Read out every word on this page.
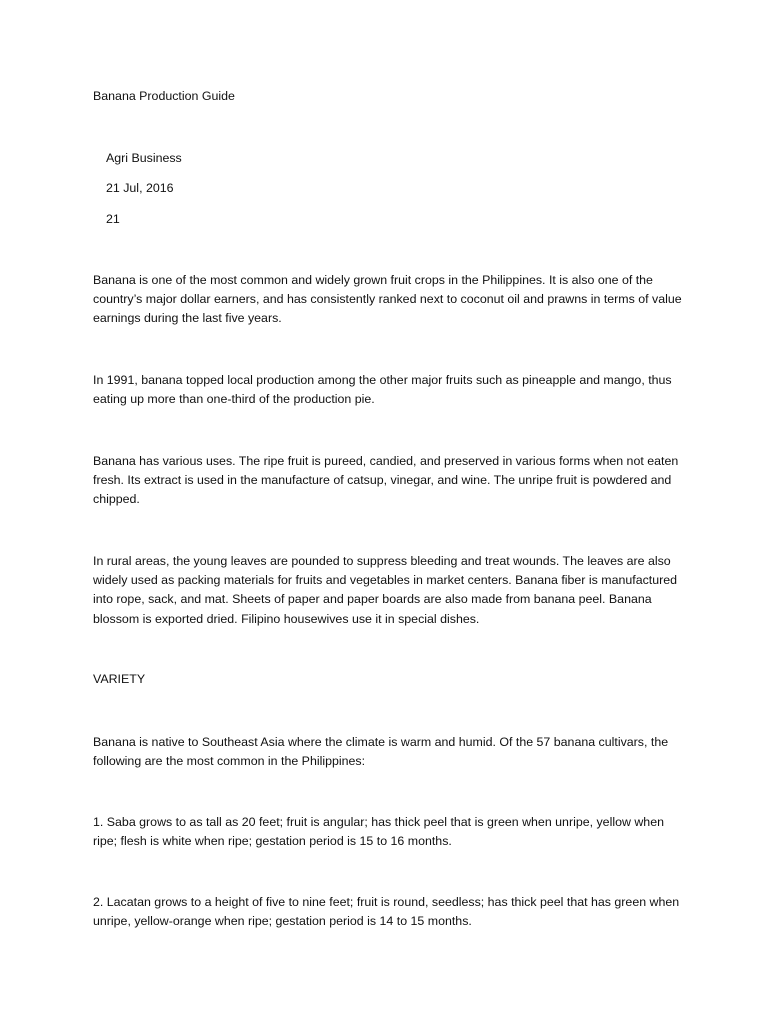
Banana Production Guide

Agri Business

21 Jul, 2016

21

Banana is one of the most common and widely grown fruit crops in the Philippines. It is also one of the country’s major dollar earners, and has consistently ranked next to coconut oil and prawns in terms of value earnings during the last five years.

In 1991, banana topped local production among the other major fruits such as pineapple and mango, thus eating up more than one-third of the production pie.

Banana has various uses. The ripe fruit is pureed, candied, and preserved in various forms when not eaten fresh. Its extract is used in the manufacture of catsup, vinegar, and wine. The unripe fruit is powdered and chipped.

In rural areas, the young leaves are pounded to suppress bleeding and treat wounds. The leaves are also widely used as packing materials for fruits and vegetables in market centers. Banana fiber is manufactured into rope, sack, and mat. Sheets of paper and paper boards are also made from banana peel. Banana blossom is exported dried. Filipino housewives use it in special dishes.

VARIETY

Banana is native to Southeast Asia where the climate is warm and humid. Of the 57 banana cultivars, the following are the most common in the Philippines:

1. Saba grows to as tall as 20 feet; fruit is angular; has thick peel that is green when unripe, yellow when ripe; flesh is white when ripe; gestation period is 15 to 16 months.

2. Lacatan grows to a height of five to nine feet; fruit is round, seedless; has thick peel that has green when unripe, yellow-orange when ripe; gestation period is 14 to 15 months.
